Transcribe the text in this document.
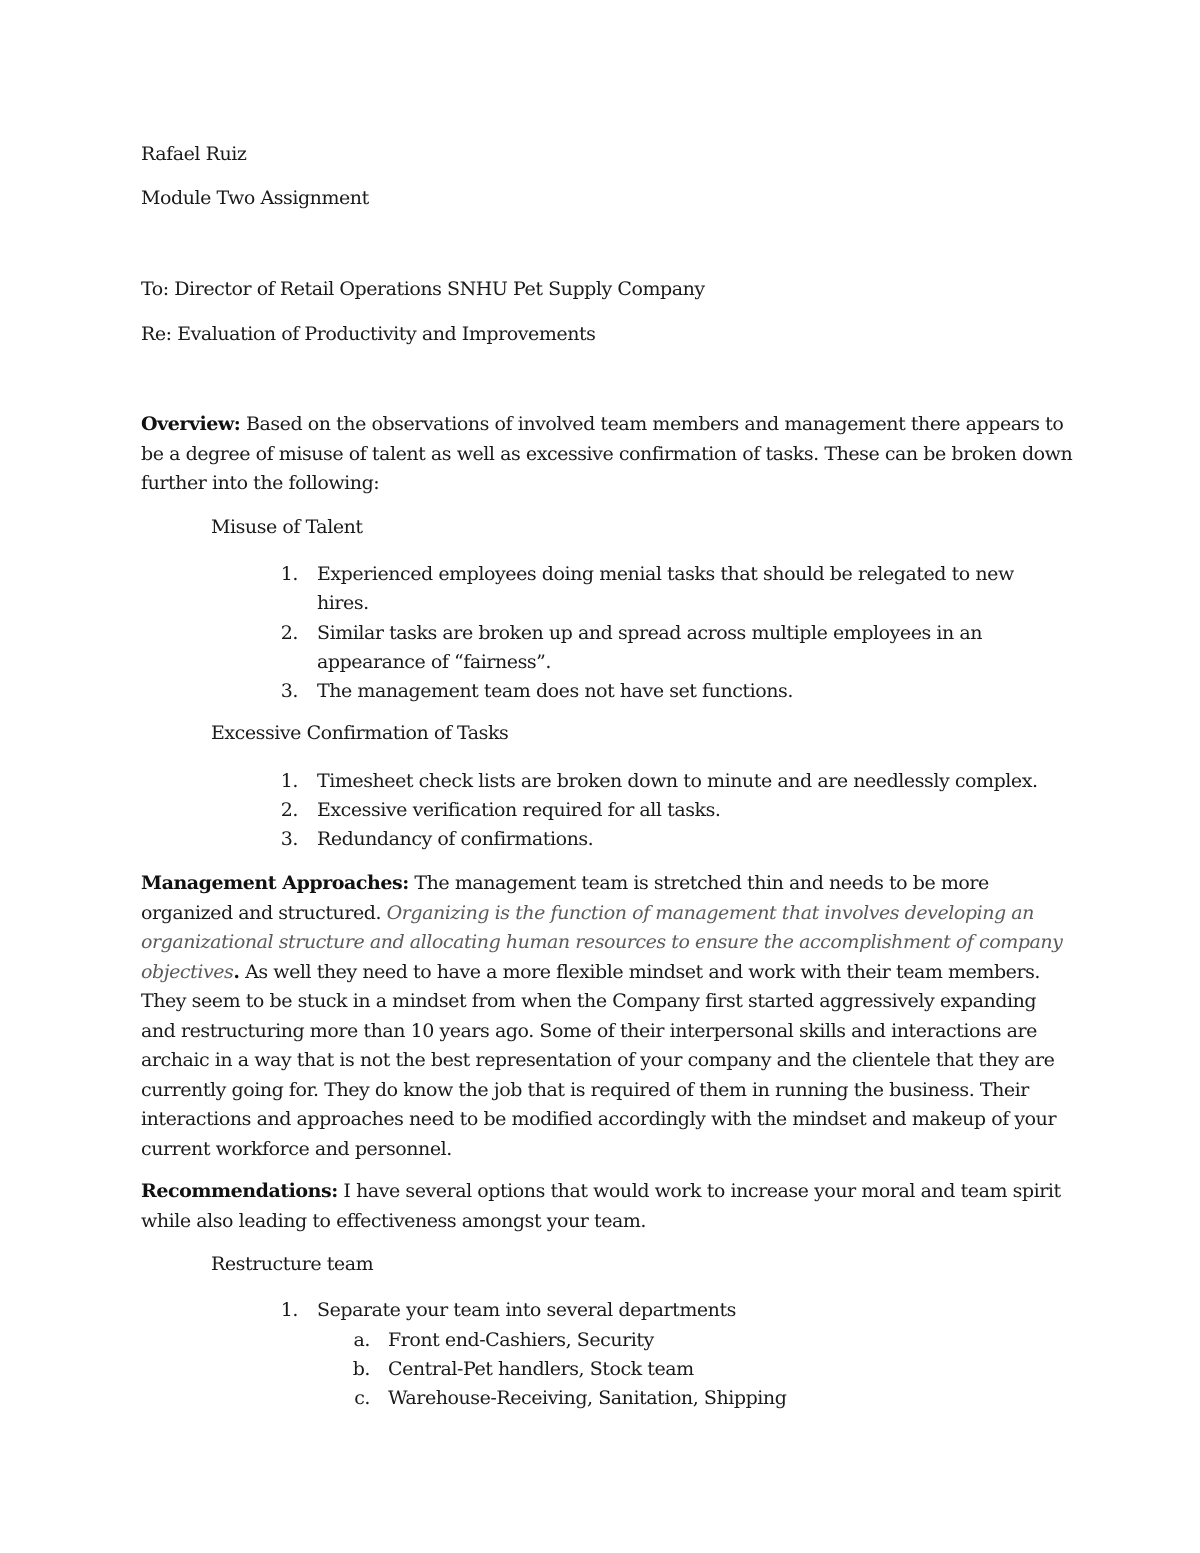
Rafael Ruiz

Module Two Assignment

To: Director of Retail Operations SNHU Pet Supply Company

Re: Evaluation of Productivity and Improvements

Overview: Based on the observations of involved team members and management there appears to be a degree of misuse of talent as well as excessive confirmation of tasks. These can be broken down further into the following:

Misuse of Talent

1. Experienced employees doing menial tasks that should be relegated to new hires.
2. Similar tasks are broken up and spread across multiple employees in an appearance of “fairness”.
3. The management team does not have set functions.

Excessive Confirmation of Tasks

1. Timesheet check lists are broken down to minute and are needlessly complex.
2. Excessive verification required for all tasks.
3. Redundancy of confirmations.

Management Approaches: The management team is stretched thin and needs to be more organized and structured. Organizing is the function of management that involves developing an organizational structure and allocating human resources to ensure the accomplishment of company objectives. As well they need to have a more flexible mindset and work with their team members. They seem to be stuck in a mindset from when the Company first started aggressively expanding and restructuring more than 10 years ago. Some of their interpersonal skills and interactions are archaic in a way that is not the best representation of your company and the clientele that they are currently going for. They do know the job that is required of them in running the business. Their interactions and approaches need to be modified accordingly with the mindset and makeup of your current workforce and personnel.

Recommendations: I have several options that would work to increase your moral and team spirit while also leading to effectiveness amongst your team.

Restructure team

1. Separate your team into several departments
a. Front end-Cashiers, Security
b. Central-Pet handlers, Stock team
c. Warehouse-Receiving, Sanitation, Shipping
